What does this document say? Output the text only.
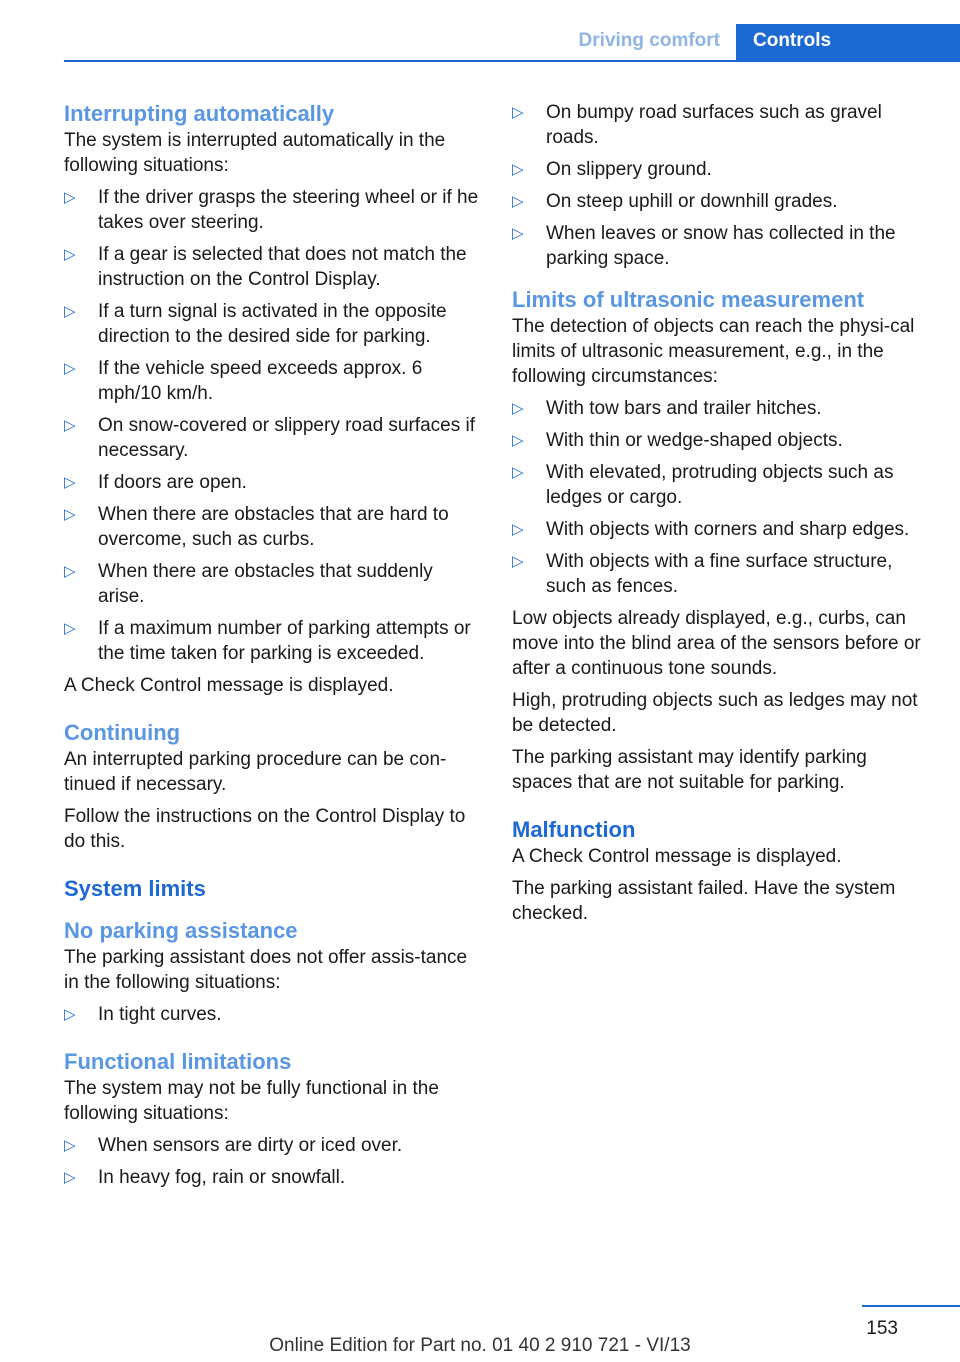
Driving comfort Controls
Interrupting automatically

The system is interrupted automatically in the following situations:

▷ If the driver grasps the steering wheel or if he takes over steering.
▷ If a gear is selected that does not match the instruction on the Control Display.
▷ If a turn signal is activated in the opposite direction to the desired side for parking.
▷ If the vehicle speed exceeds approx. 6 mph/10 km/h.
▷ On snow-covered or slippery road surfaces if necessary.
▷ If doors are open.
▷ When there are obstacles that are hard to overcome, such as curbs.
▷ When there are obstacles that suddenly arise.
▷ If a maximum number of parking attempts or the time taken for parking is exceeded.

A Check Control message is displayed.

Continuing

An interrupted parking procedure can be con‐tinued if necessary.

Follow the instructions on the Control Display to do this.

System limits
No parking assistance

The parking assistant does not offer assis‐tance in the following situations:

▷ In tight curves.
Functional limitations

The system may not be fully functional in the following situations:

▷ When sensors are dirty or iced over.
▷ In heavy fog, rain or snowfall.
▷ On bumpy road surfaces such as gravel roads.
▷ On slippery ground.
▷ On steep uphill or downhill grades.
▷ When leaves or snow has collected in the parking space.
Limits of ultrasonic measurement

The detection of objects can reach the physi‐cal limits of ultrasonic measurement, e.g., in the following circumstances:

▷ With tow bars and trailer hitches.
▷ With thin or wedge-shaped objects.
▷ With elevated, protruding objects such as ledges or cargo.
▷ With objects with corners and sharp edges.
▷ With objects with a fine surface structure, such as fences.

Low objects already displayed, e.g., curbs, can move into the blind area of the sensors before or after a continuous tone sounds.

High, protruding objects such as ledges may not be detected.

The parking assistant may identify parking spaces that are not suitable for parking.

Malfunction

A Check Control message is displayed.

The parking assistant failed. Have the system checked.

153
Online Edition for Part no. 01 40 2 910 721 - VI/13
